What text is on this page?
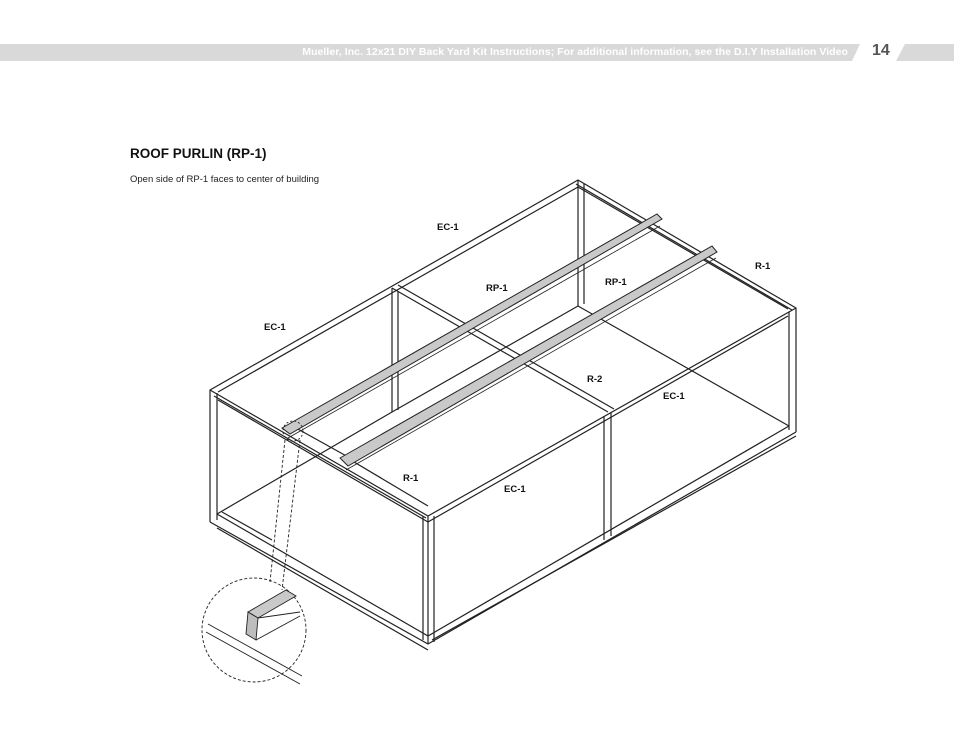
Mueller, Inc. 12x21 DIY Back Yard Kit Instructions; For additional information, see the D.I.Y Installation Video 14
ROOF PURLIN (RP-1)
Open side of RP-1 faces to center of building
EC-1
EC-1
RP-1
RP-1
R-1
R-2
EC-1
R-1
EC-1
